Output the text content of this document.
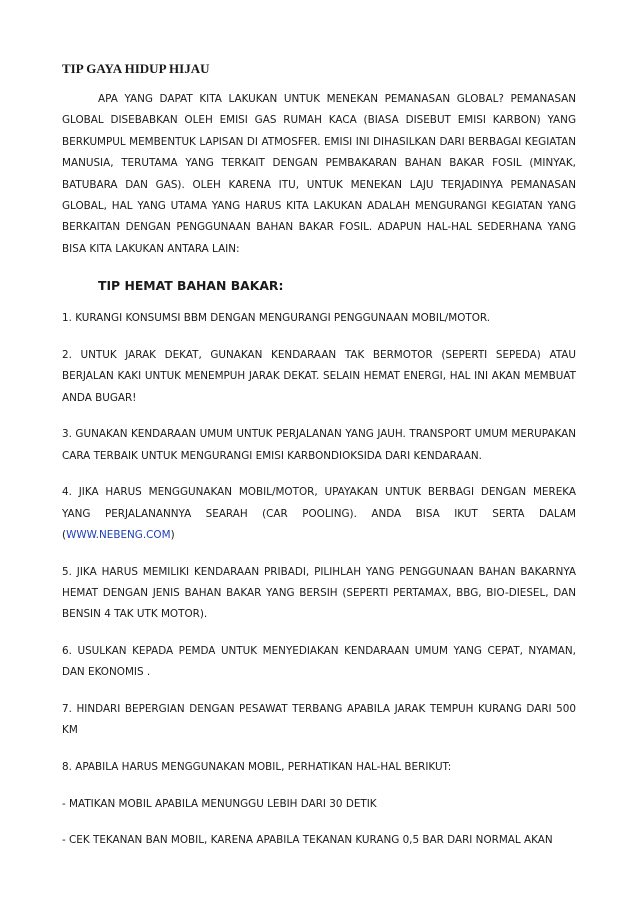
TIP GAYA HIDUP HIJAU

APA YANG DAPAT KITA LAKUKAN UNTUK MENEKAN PEMANASAN GLOBAL? PEMANASAN GLOBAL DISEBABKAN OLEH EMISI GAS RUMAH KACA (BIASA DISEBUT EMISI KARBON) YANG BERKUMPUL MEMBENTUK LAPISAN DI ATMOSFER. EMISI INI DIHASILKAN DARI BERBAGAI KEGIATAN MANUSIA, TERUTAMA YANG TERKAIT DENGAN PEMBAKARAN BAHAN BAKAR FOSIL (MINYAK, BATUBARA DAN GAS). OLEH KARENA ITU, UNTUK MENEKAN LAJU TERJADINYA PEMANASAN GLOBAL, HAL YANG UTAMA YANG HARUS KITA LAKUKAN ADALAH MENGURANGI KEGIATAN YANG BERKAITAN DENGAN PENGGUNAAN BAHAN BAKAR FOSIL. ADAPUN HAL-HAL SEDERHANA YANG BISA KITA LAKUKAN ANTARA LAIN:

TIP HEMAT BAHAN BAKAR:

1. KURANGI KONSUMSI BBM DENGAN MENGURANGI PENGGUNAAN MOBIL/MOTOR.

2. UNTUK JARAK DEKAT, GUNAKAN KENDARAAN TAK BERMOTOR (SEPERTI SEPEDA) ATAU BERJALAN KAKI UNTUK MENEMPUH JARAK DEKAT. SELAIN HEMAT ENERGI, HAL INI AKAN MEMBUAT ANDA BUGAR!

3. GUNAKAN KENDARAAN UMUM UNTUK PERJALANAN YANG JAUH. TRANSPORT UMUM MERUPAKAN CARA TERBAIK UNTUK MENGURANGI EMISI KARBONDIOKSIDA DARI KENDARAAN.

4. JIKA HARUS MENGGUNAKAN MOBIL/MOTOR, UPAYAKAN UNTUK BERBAGI DENGAN MEREKA YANG PERJALANANNYA SEARAH (CAR POOLING). ANDA BISA IKUT SERTA DALAM (WWW.NEBENG.COM)

5. JIKA HARUS MEMILIKI KENDARAAN PRIBADI, PILIHLAH YANG PENGGUNAAN BAHAN BAKARNYA HEMAT DENGAN JENIS BAHAN BAKAR YANG BERSIH (SEPERTI PERTAMAX, BBG, BIO-DIESEL, DAN BENSIN 4 TAK UTK MOTOR).

6. USULKAN KEPADA PEMDA UNTUK MENYEDIAKAN KENDARAAN UMUM YANG CEPAT, NYAMAN, DAN EKONOMIS .

7. HINDARI BEPERGIAN DENGAN PESAWAT TERBANG APABILA JARAK TEMPUH KURANG DARI 500 KM

8. APABILA HARUS MENGGUNAKAN MOBIL, PERHATIKAN HAL-HAL BERIKUT:

- MATIKAN MOBIL APABILA MENUNGGU LEBIH DARI 30 DETIK

- CEK TEKANAN BAN MOBIL, KARENA APABILA TEKANAN KURANG 0,5 BAR DARI NORMAL AKAN
